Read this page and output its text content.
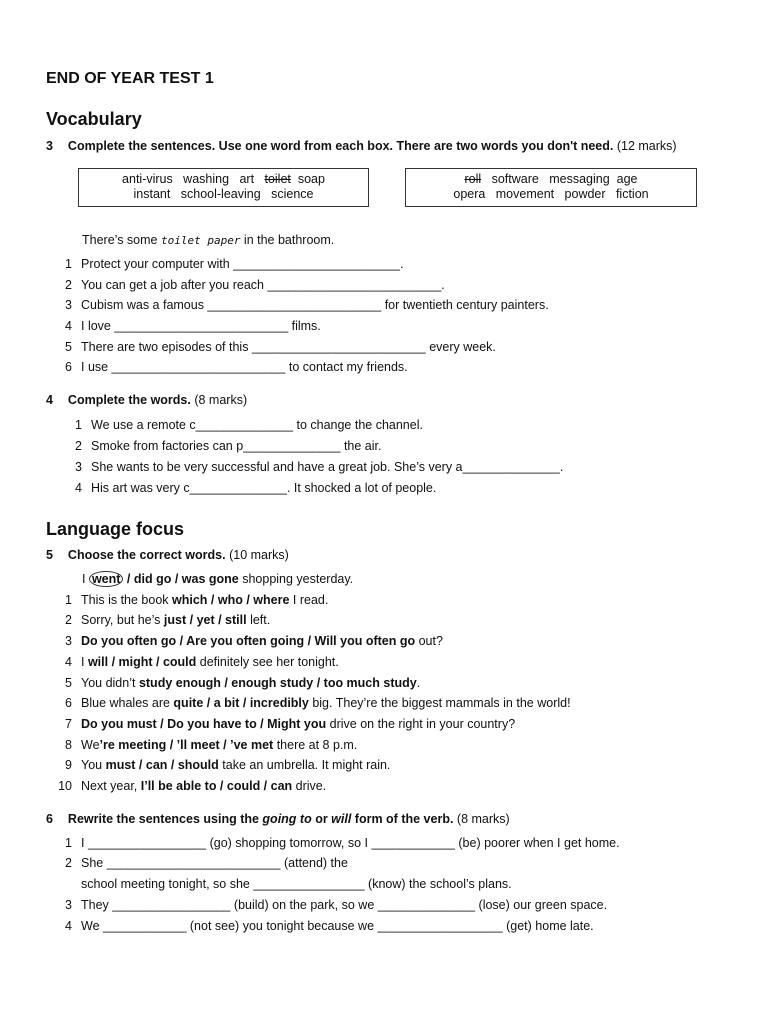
END OF YEAR TEST 1
Vocabulary
3 Complete the sentences. Use one word from each box. There are two words you don't need. (12 marks)
anti-virus   washing   art   toilet  soap
instant   school-leaving   science
roll   software   messaging  age
opera   movement   powder   fiction
There’s some toilet paper in the bathroom.
1 Protect your computer with ________________________.
2 You can get a job after you reach _________________________.
3 Cubism was a famous _________________________ for twentieth century painters.
4 I love _________________________ films.
5 There are two episodes of this _________________________ every week.
6 I use _________________________ to contact my friends.
4 Complete the words. (8 marks)
1 We use a remote c______________ to change the channel.
2 Smoke from factories can p______________ the air.
3 She wants to be very successful and have a great job. She’s very a______________.
4 His art was very c______________. It shocked a lot of people.
Language focus
5 Choose the correct words. (10 marks)
I went / did go / was gone shopping yesterday.
1 This is the book which / who / where I read.
2 Sorry, but he’s just / yet / still left.
3 Do you often go / Are you often going / Will you often go out?
4 I will / might / could definitely see her tonight.
5 You didn’t study enough / enough study / too much study.
6 Blue whales are quite / a bit / incredibly big. They’re the biggest mammals in the world!
7 Do you must / Do you have to / Might you drive on the right in your country?
8 We’re meeting / ’ll meet / ’ve met there at 8 p.m.
9 You must / can / should take an umbrella. It might rain.
10 Next year, I’ll be able to / could / can drive.
6 Rewrite the sentences using the going to or will form of the verb. (8 marks)
1 I _________________ (go) shopping tomorrow, so I ____________ (be) poorer when I get home.
2 She _________________________ (attend) the
school meeting tonight, so she ________________ (know) the school’s plans.
3 They _________________ (build) on the park, so we ______________ (lose) our green space.
4 We ____________ (not see) you tonight because we __________________ (get) home late.
